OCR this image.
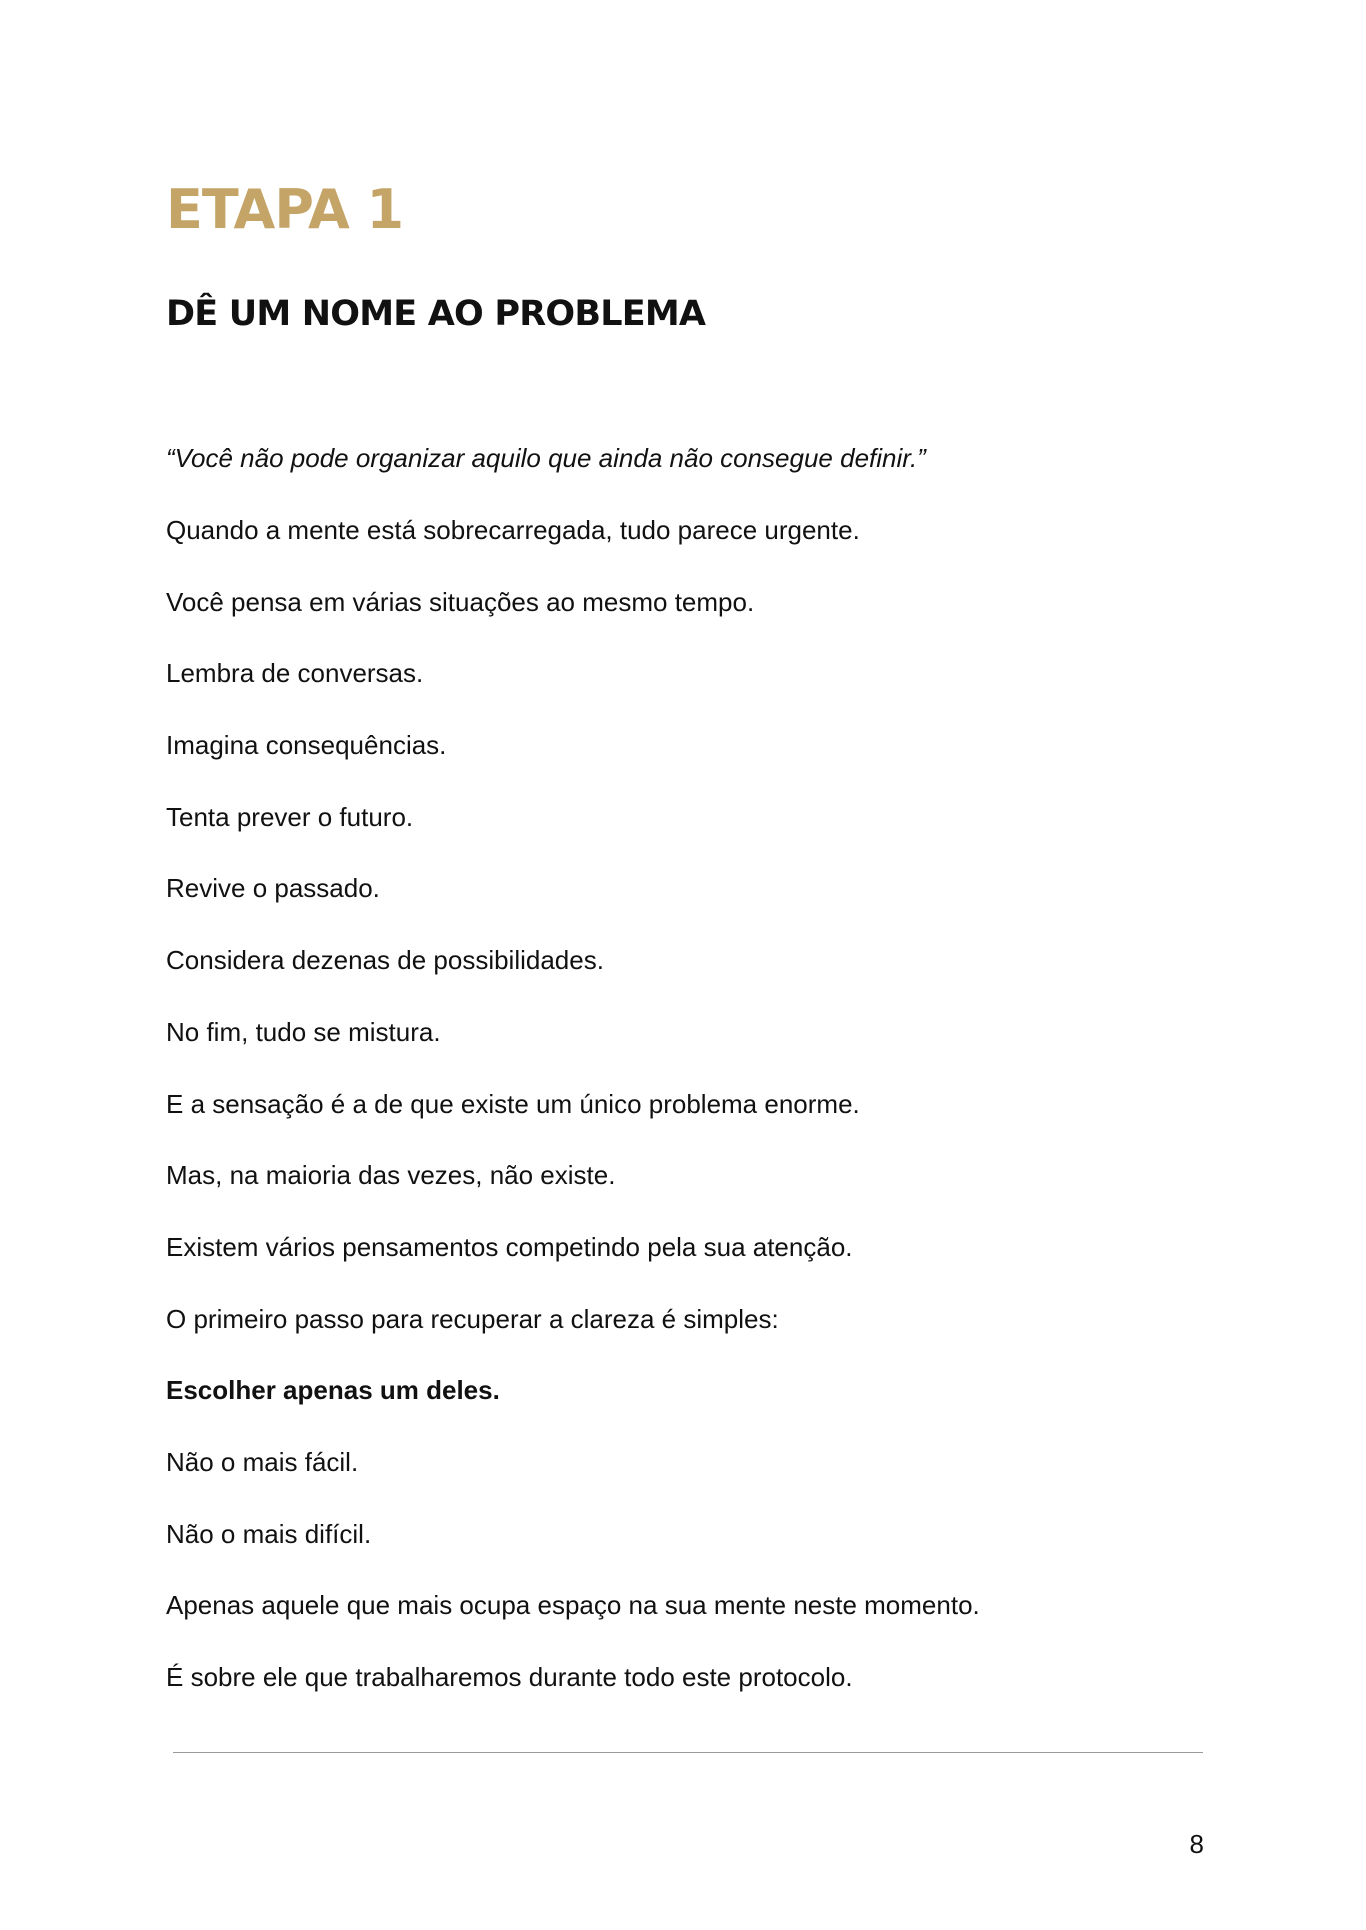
ETAPA 1
DÊ UM NOME AO PROBLEMA

“Você não pode organizar aquilo que ainda não consegue definir.”

Quando a mente está sobrecarregada, tudo parece urgente.
Você pensa em várias situações ao mesmo tempo.
Lembra de conversas.
Imagina consequências.
Tenta prever o futuro.
Revive o passado.
Considera dezenas de possibilidades.
No fim, tudo se mistura.
E a sensação é a de que existe um único problema enorme.
Mas, na maioria das vezes, não existe.
Existem vários pensamentos competindo pela sua atenção.
O primeiro passo para recuperar a clareza é simples:
Escolher apenas um deles.
Não o mais fácil.
Não o mais difícil.
Apenas aquele que mais ocupa espaço na sua mente neste momento.
É sobre ele que trabalharemos durante todo este protocolo.
8
